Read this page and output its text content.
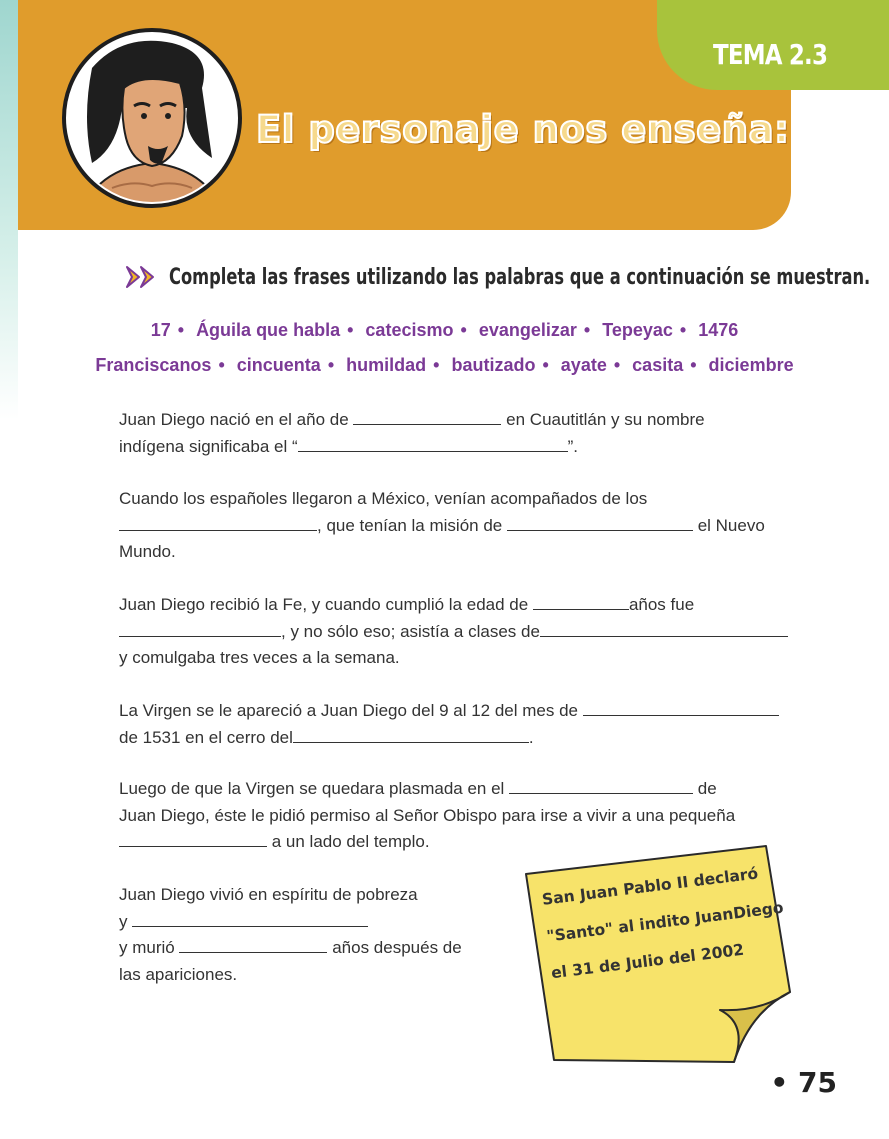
TEMA 2.3
El personaje nos enseña:
Completa las frases utilizando las palabras que a continuación se muestran.
17 • Águila que habla • catecismo • evangelizar • Tepeyac • 1476
Franciscanos • cincuenta • humildad • bautizado • ayate • casita • diciembre
Juan Diego nació en el año de	en Cuautitlán y su nombre
indígena significaba el “	”.
Cuando los españoles llegaron a México, venían acompañados de los
, que tenían la misión de	el Nuevo
Mundo.
Juan Diego recibió la Fe, y cuando cumplió la edad de	años fue
, y no sólo eso; asistía a clases de
y comulgaba tres veces a la semana.
La Virgen se le apareció a Juan Diego del 9 al 12 del mes de
de 1531 en el cerro del	.
Luego de que la Virgen se quedara plasmada en el	de
Juan Diego, éste le pidió permiso al Señor Obispo para irse a vivir a una pequeña
a un lado del templo.
Juan Diego vivió en espíritu de pobreza
y
y murió	años después de
las apariciones.
San Juan Pablo II declaró
"Santo" al indito JuanDiego
el 31 de Julio del 2002
• 75
